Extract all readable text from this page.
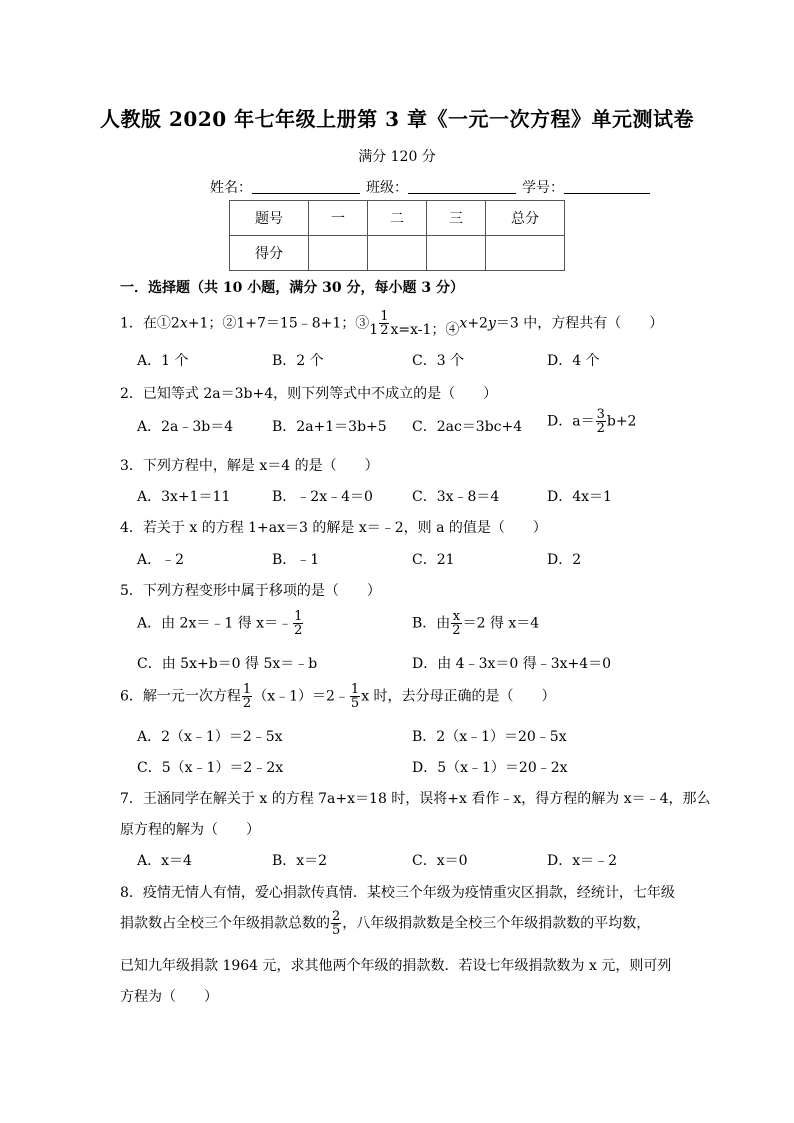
人教版 2020 年七年级上册第 3 章《一元一次方程》单元测试卷
满分 120 分
姓名：	班级：	学号：
题号	一	二	三	总分
得分				
一．选择题（共 10 小题，满分 30 分，每小题 3 分）
1．在①2x+1；②1+7＝15﹣8+1；③1 $\frac{1}{2} x=x-1$；④x+2y＝3 中，方程共有（　　）
A．1 个	B．2 个	C．3 个	D．4 个
2．已知等式 2a＝3b+4，则下列等式中不成立的是（　　）
A．2a﹣3b＝4	B．2a+1＝3b+5 C．2ac＝3bc+4 D．$a= \frac{3}{2} b+2$
3．下列方程中，解是 x＝4 的是（　　）
A．3x+1＝11	B．﹣2x﹣4＝0	C．3x﹣8＝4	D．4x＝1
4．若关于 x 的方程 1+ax＝3 的解是 x＝﹣2，则 a 的值是（　　）
A．﹣2	B．﹣1	C．21	D．2
5．下列方程变形中属于移项的是（　　）
A．由 2x＝﹣1 得 x＝﹣ $\frac{1}{2}$	B．由 $\frac{x}{2} =2$ 得 x＝4
C．由 5x+b＝0 得 5x＝﹣b	D．由 4﹣3x＝0 得﹣3x+4＝0
6．解一元一次方程 $\frac{1}{2}$ （x﹣1）＝2﹣ $\frac{1}{5}$ x 时，去分母正确的是（　　）
A．2（x﹣1）＝2﹣5x	B．2（x﹣1）＝20﹣5x
C．5（x﹣1）＝2﹣2x	D．5（x﹣1）＝20﹣2x
7．王涵同学在解关于 x 的方程 7a+x＝18 时，误将+x 看作﹣x，得方程的解为 x＝﹣4，那么
原方程的解为（　　）
A．x＝4	B．x＝2	C．x＝0	D．x＝﹣2
8．疫情无情人有情，爱心捐款传真情．某校三个年级为疫情重灾区捐款，经统计，七年级
捐款数占全校三个年级捐款总数的 $\frac{2}{5}$ ，八年级捐款数是全校三个年级捐款数的平均数，
已知九年级捐款 1964 元，求其他两个年级的捐款数．若设七年级捐款数为 x 元，则可列
方程为（　　）
